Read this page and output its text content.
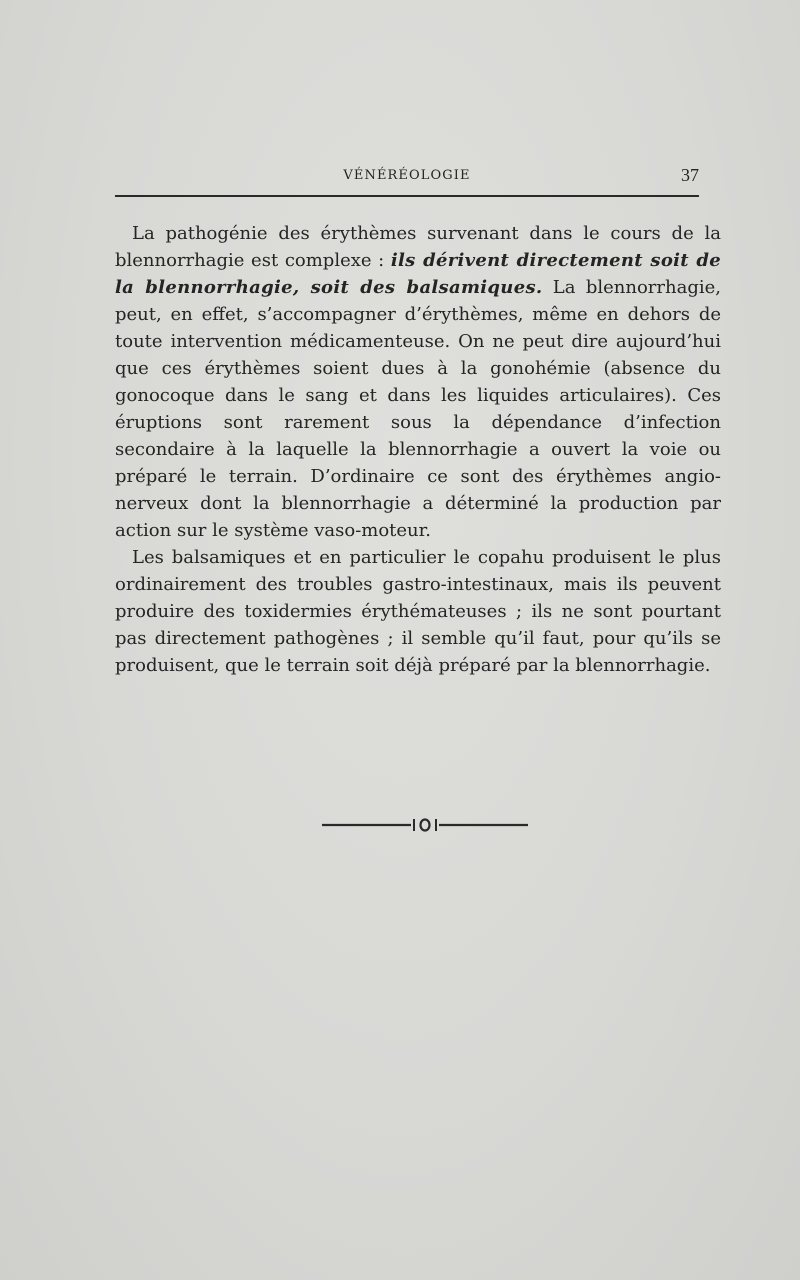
VÉNÉRÉOLOGIE	37

La pathogénie des érythèmes survenant dans le cours de la blennorrhagie est complexe : ils dérivent directement soit de la blennorrhagie, soit des balsamiques. La blennorrhagie, peut, en effet, s’accompagner d’érythèmes, même en dehors de toute intervention médicamenteuse. On ne peut dire aujourd’hui que ces érythèmes soient dues à la gonohémie (absence du gonocoque dans le sang et dans les liquides articulaires). Ces éruptions sont rarement sous la dépendance d’infection secondaire à la laquelle la blennorrhagie a ouvert la voie ou préparé le terrain. D’ordinaire ce sont des érythèmes angio-nerveux dont la blennorrhagie a déterminé la production par action sur le système vaso-moteur.

Les balsamiques et en particulier le copahu produisent le plus ordinairement des troubles gastro-intestinaux, mais ils peuvent produire des toxidermies érythémateuses ; ils ne sont pourtant pas directement pathogènes ; il semble qu’il faut, pour qu’ils se produisent, que le terrain soit déjà préparé par la blennorrhagie.
